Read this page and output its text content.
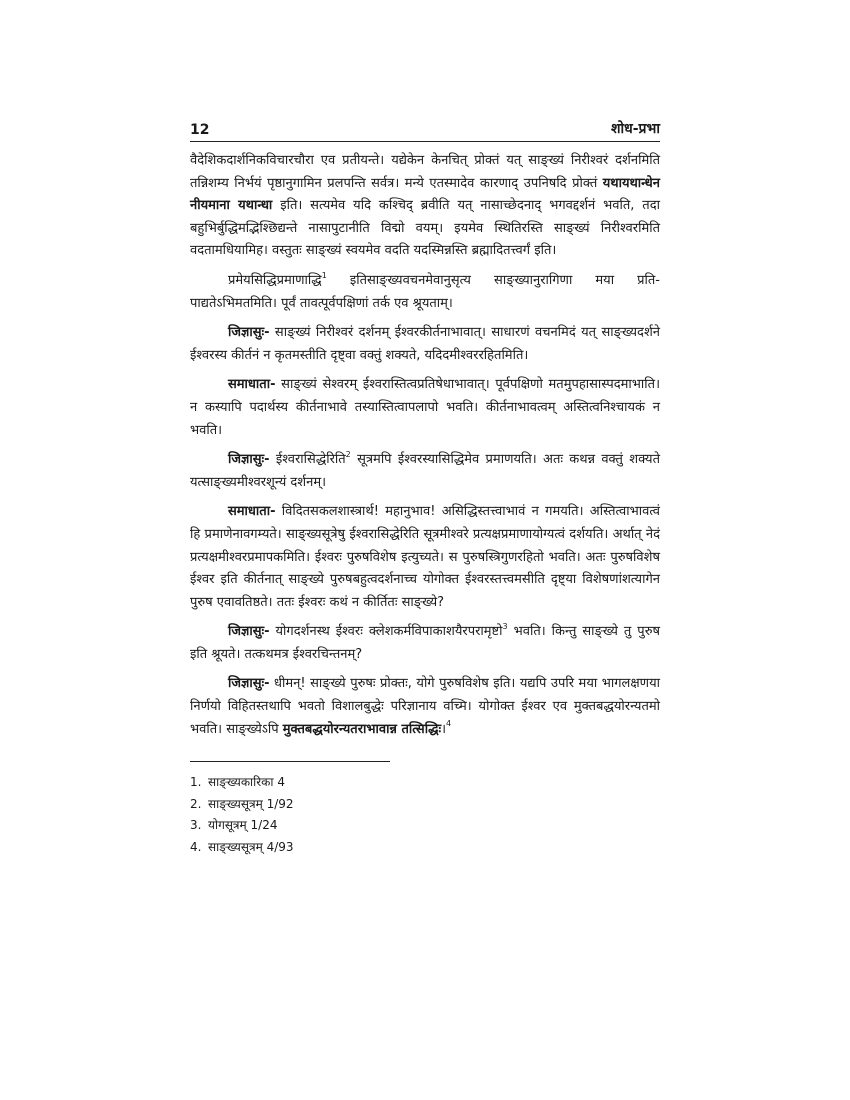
12	शोध-प्रभा

वैदेशिकदार्शनिकविचारचौरा एव प्रतीयन्ते। यद्येकेन केनचित् प्रोक्तं यत् साङ्ख्यं निरीश्वरं दर्शनमिति तन्निशम्य निर्भयं पृष्ठानुगामिन प्रलपन्ति सर्वत्र। मन्ये एतस्मादेव कारणाद् उपनिषदि प्रोक्तं यथायथान्धेन नीयमाना यथान्धा इति। सत्यमेव यदि कश्चिद् ब्रवीति यत् नासाच्छेदनाद् भगवद्दर्शनं भवति, तदा बहुभिर्बुद्धिमद्भिश्छिद्यन्ते नासापुटानीति विद्मो वयम्। इयमेव स्थितिरस्ति साङ्ख्यं निरीश्वरमिति वदतामधियामिह। वस्तुतः साङ्ख्यं स्वयमेव वदति यदस्मिन्नस्ति ब्रह्मादितत्त्वर्गं इति।

प्रमेयसिद्धिप्रमाणाद्धि$^1$ इतिसाङ्ख्यवचनमेवानुसृत्य साङ्ख्यानुरागिणा मया प्रति-पाद्यतेऽभिमतमिति। पूर्वं तावत्पूर्वपक्षिणां तर्क एव श्रूयताम्।

जिज्ञासुः- साङ्ख्यं निरीश्वरं दर्शनम् ईश्वरकीर्तनाभावात्। साधारणं वचनमिदं यत् साङ्ख्यदर्शने ईश्वरस्य कीर्तनं न कृतमस्तीति दृष्ट्वा वक्तुं शक्यते, यदिदमीश्वररहितमिति।

समाधाता- साङ्ख्यं सेश्वरम् ईश्वरास्तित्वप्रतिषेधाभावात्। पूर्वपक्षिणो मतमुपहासास्पदमाभाति। न कस्यापि पदार्थस्य कीर्तनाभावे तस्यास्तित्वापलापो भवति। कीर्तनाभावत्वम् अस्तित्वनिश्चायकं न भवति।

जिज्ञासुः- ईश्वरासिद्धेरिति$^2$ सूत्रमपि ईश्वरस्यासिद्धिमेव प्रमाणयति। अतः कथन्न वक्तुं शक्यते यत्साङ्ख्यमीश्वरशून्यं दर्शनम्।

समाधाता- विदितसकलशास्त्रार्थ! महानुभाव! असिद्धिस्तत्त्वाभावं न गमयति। अस्तित्वाभावत्वं हि प्रमाणेनावगम्यते। साङ्ख्यसूत्रेषु ईश्वरासिद्धेरिति सूत्रमीश्वरे प्रत्यक्षप्रमाणायोग्यत्वं दर्शयति। अर्थात् नेदं प्रत्यक्षमीश्वरप्रमापकमिति। ईश्वरः पुरुषविशेष इत्युच्यते। स पुरुषस्त्रिगुणरहितो भवति। अतः पुरुषविशेष ईश्वर इति कीर्तनात् साङ्ख्ये पुरुषबहुत्वदर्शनाच्च योगोक्त ईश्वरस्तत्त्वमसीति दृष्ट्या विशेषणांशत्यागेन पुरुष एवावतिष्ठते। ततः ईश्वरः कथं न कीर्तितः साङ्ख्ये?

जिज्ञासुः- योगदर्शनस्थ ईश्वरः क्लेशकर्मविपाकाशयैरपरामृष्टो$^3$ भवति। किन्तु साङ्ख्ये तु पुरुष इति श्रूयते। तत्कथमत्र ईश्वरचिन्तनम्?

जिज्ञासुः- धीमन्! साङ्ख्ये पुरुषः प्रोक्तः, योगे पुरुषविशेष इति। यद्यपि उपरि मया भागलक्षणया निर्णयो विहितस्तथापि भवतो विशालबुद्धेः परिज्ञानाय वच्मि। योगोक्त ईश्वर एव मुक्तबद्धयोरन्यतमो भवति। साङ्ख्येऽपि मुक्तबद्धयोरन्यतराभावान्न तत्सिद्धिः।$^4$

1. साङ्ख्यकारिका 4
2. साङ्ख्यसूत्रम् 1/92
3. योगसूत्रम् 1/24
4. साङ्ख्यसूत्रम् 4/93
